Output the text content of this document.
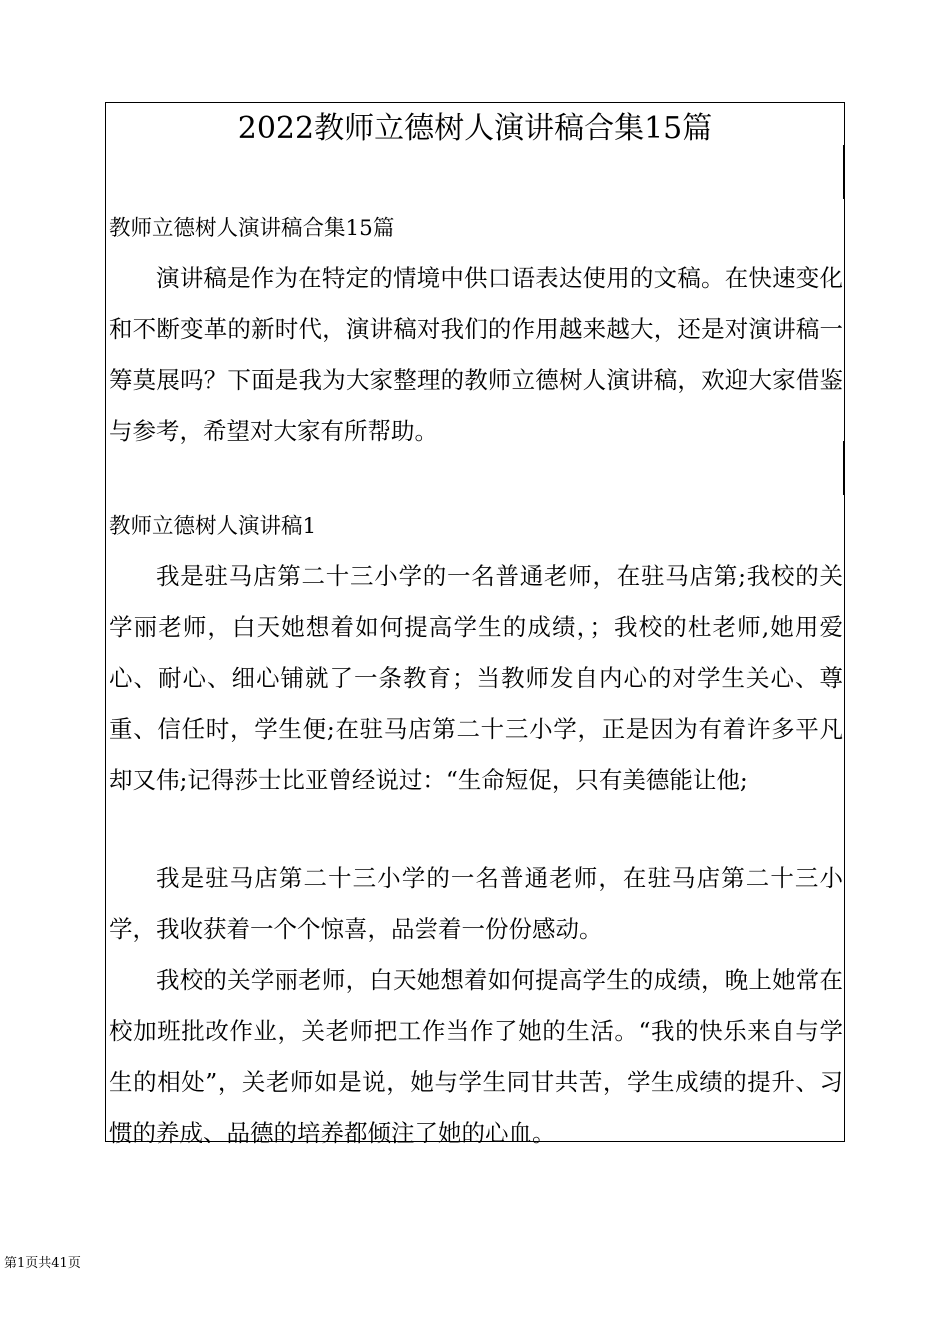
2022教师立德树人演讲稿合集15篇

教师立德树人演讲稿合集15篇

演讲稿是作为在特定的情境中供口语表达使用的文稿。在快速变化和不断变革的新时代，演讲稿对我们的作用越来越大，还是对演讲稿一筹莫展吗？下面是我为大家整理的教师立德树人演讲稿，欢迎大家借鉴与参考，希望对大家有所帮助。

教师立德树人演讲稿1

我是驻马店第二十三小学的一名普通老师，在驻马店第;我校的关学丽老师，白天她想着如何提高学生的成绩，；我校的杜老师,她用爱心、耐心、细心铺就了一条教育；当教师发自内心的对学生关心、尊重、信任时，学生便;在驻马店第二十三小学，正是因为有着许多平凡却又伟;记得莎士比亚曾经说过：“生命短促，只有美德能让他;

我是驻马店第二十三小学的一名普通老师，在驻马店第二十三小学，我收获着一个个惊喜，品尝着一份份感动。

我校的关学丽老师，白天她想着如何提高学生的成绩，晚上她常在校加班批改作业，关老师把工作当作了她的生活。“我的快乐来自与学生的相处”，关老师如是说，她与学生同甘共苦，学生成绩的提升、习惯的养成、品德的培养都倾注了她的心血。

第1页共41页
